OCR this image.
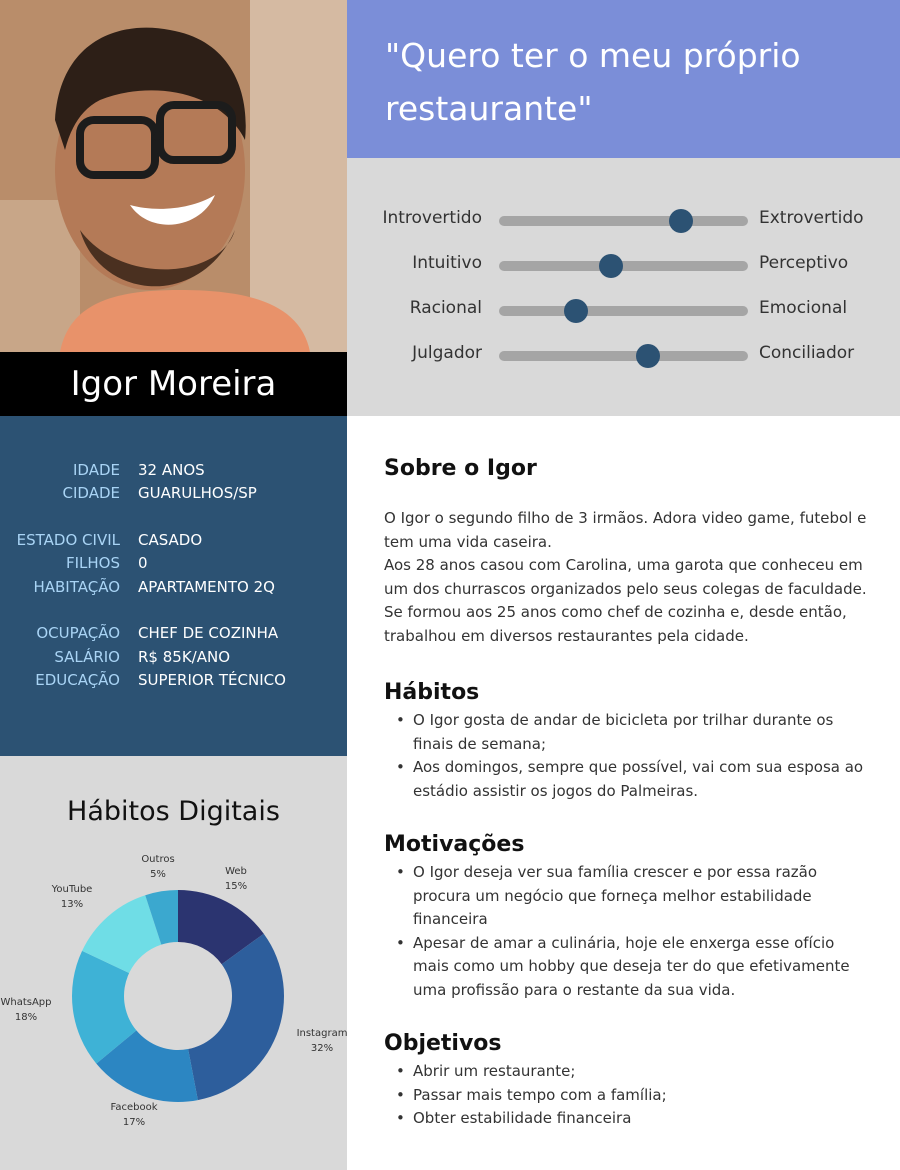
Igor Moreira
IDADE	32 ANOS
CIDADE	GUARULHOS/SP
ESTADO CIVIL	CASADO
FILHOS	0
HABITAÇÃO	APARTAMENTO 2Q
OCUPAÇÃO	CHEF DE COZINHA
SALÁRIO	R$ 85K/ANO
EDUCAÇÃO	SUPERIOR TÉCNICO
Hábitos Digitais
Web
15%
Instagram
32%
Facebook
17%
WhatsApp
18%
YouTube
13%
Outros
5%

"Quero ter o meu próprio restaurante"

Introvertido	Extrovertido
Intuitivo	Perceptivo
Racional	Emocional
Julgador	Conciliador
Sobre o Igor

O Igor o segundo filho de 3 irmãos. Adora video game, futebol e tem uma vida caseira.
Aos 28 anos casou com Carolina, uma garota que conheceu em um dos churrascos organizados pelo seus colegas de faculdade. Se formou aos 25 anos como chef de cozinha e, desde então, trabalhou em diversos restaurantes pela cidade.

Hábitos
• O Igor gosta de andar de bicicleta por trilhar durante os finais de semana;
• Aos domingos, sempre que possível, vai com sua esposa ao estádio assistir os jogos do Palmeiras.
Motivações
• O Igor deseja ver sua família crescer e por essa razão procura um negócio que forneça melhor estabilidade financeira
• Apesar de amar a culinária, hoje ele enxerga esse ofício mais como um hobby que deseja ter do que efetivamente uma profissão para o restante da sua vida.
Objetivos
• Abrir um restaurante;
• Passar mais tempo com a família;
• Obter estabilidade financeira
